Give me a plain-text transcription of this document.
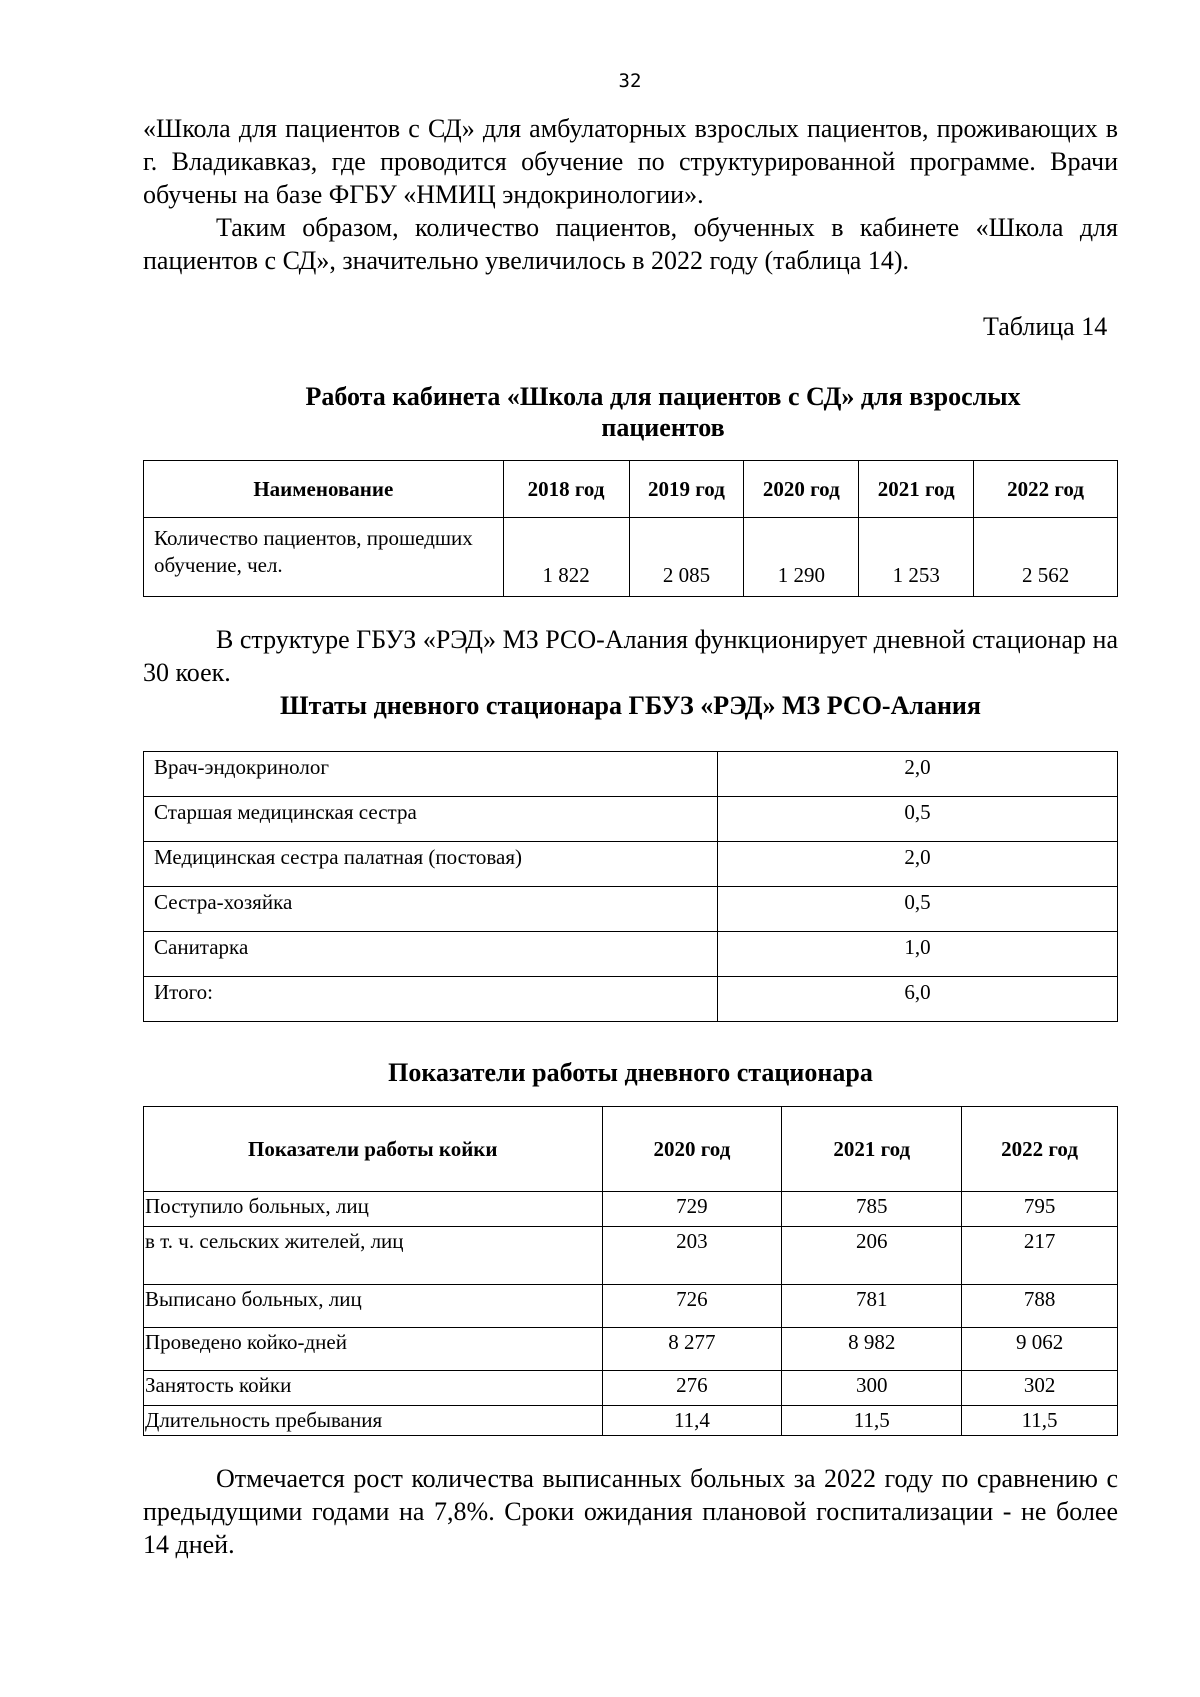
32
«Школа для пациентов с СД» для амбулаторных взрослых пациентов, проживающих в г. Владикавказ, где проводится обучение по структурированной программе. Врачи обучены на базе ФГБУ «НМИЦ эндокринологии».
Таким образом, количество пациентов, обученных в кабинете «Школа для пациентов с СД», значительно увеличилось в 2022 году (таблица 14).
Таблица 14
Работа кабинета «Школа для пациентов с СД» для взрослых пациентов
Наименование	2018 год	2019 год	2020 год	2021 год	2022 год
Количество пациентов, прошедших обучение, чел.	1 822	2 085	1 290	1 253	2 562
В структуре ГБУЗ «РЭД» МЗ РСО-Алания функционирует дневной стационар на 30 коек.
Штаты дневного стационара ГБУЗ «РЭД» МЗ РСО-Алания
Врач-эндокринолог	2,0
Старшая медицинская сестра	0,5
Медицинская сестра палатная (постовая)	2,0
Сестра-хозяйка	0,5
Санитарка	1,0
Итого:	6,0
Показатели работы дневного стационара
Показатели работы койки	2020 год	2021 год	2022 год
Поступило больных, лиц	729	785	795
в т. ч. сельских жителей, лиц	203	206	217
Выписано больных, лиц	726	781	788
Проведено койко-дней	8 277	8 982	9 062
Занятость койки	276	300	302
Длительность пребывания	11,4	11,5	11,5
Отмечается рост количества выписанных больных за 2022 году по сравнению с предыдущими годами на 7,8%. Сроки ожидания плановой госпитализации - не более 14 дней.
